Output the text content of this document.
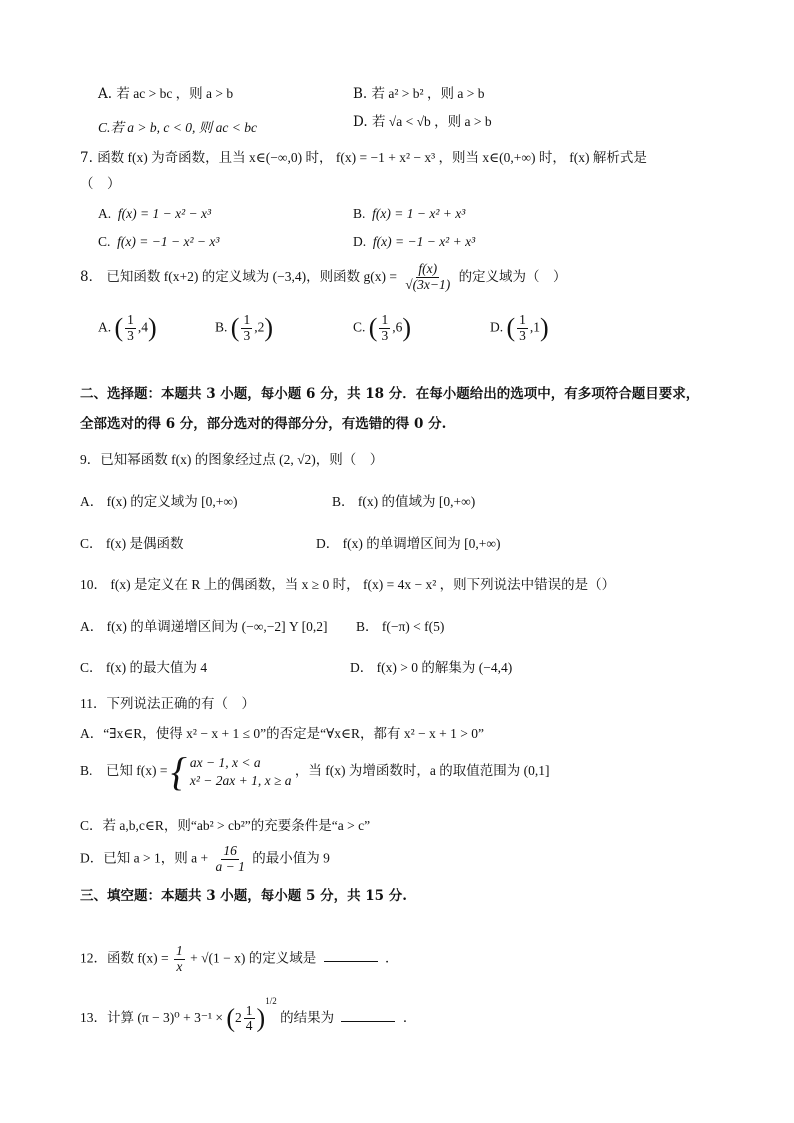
A. 若 ac > bc ，则 a > b	B. 若 a² > b² ，则 a > b
C.若 a > b, c < 0, 则 ac < bc	D. 若 √a < √b ，则 a > b
7. 函数 f(x) 为奇函数，且当 x∈(−∞,0) 时， f(x) = −1 + x² − x³ ，则当 x∈(0,+∞) 时， f(x) 解析式是
（　）
A. f(x) = 1 − x² − x³	B. f(x) = 1 − x² + x³
C. f(x) = −1 − x² − x³	D. f(x) = −1 − x² + x³
8． 已知函数 f(x+2) 的定义域为 (−3,4)，则函数 $g(x) = \frac{f(x)}{√(3x-1)}$ 的定义域为（　）
A. ( $\frac{1}{3} ,4$)	B. ( $\frac{1}{3} ,2$)	C. ( $\frac{1}{3} ,6$)	D. ( $\frac{1}{3} ,1$)
二、选择题：本题共 3 小题，每小题 6 分，共 18 分．在每小题给出的选项中，有多项符合题目要求，
全部选对的得 6 分，部分选对的得部分分，有选错的得 0 分.
9．已知幂函数 f(x) 的图象经过点 (2, √2)，则（　）
A． f(x) 的定义域为 [0,+∞)	B． f(x) 的值域为 [0,+∞)
C． f(x) 是偶函数	D． f(x) 的单调增区间为 [0,+∞)
10． f(x) 是定义在 R 上的偶函数，当 x ≥ 0 时， f(x) = 4x − x² ，则下列说法中错误的是（）
A． f(x) 的单调递增区间为 (−∞,−2] Y [0,2] B． f(−π) < f(5)
C． f(x) 的最大值为 4	D． f(x) > 0 的解集为 (−4,4)
11．下列说法正确的有（　）
A．“∃x∈R，使得 x² − x + 1 ≤ 0”的否定是“∀x∈R，都有 x² − x + 1 > 0”
B.　已知 f(x) = { ax − 1, x < a
x² − 2ax + 1, x ≥ a
，当 f(x) 为增函数时，a 的取值范围为 (0,1]
C．若 a,b,c∈R，则“ab² > cb²”的充要条件是“a > c”
D．已知 a > 1，则 $a + \frac{16}{a - 1}$ 的最小值为 9
三、填空题：本题共 3 小题，每小题 5 分，共 15 分.
12．函数 $f(x) = \frac{1}{x} + √(1 - x)$ 的定义域是	．
13．计算 $(\pi - 3)^0 + 3^{-1} \times (2 \frac{1}{4} )^{1/2}$ 的结果为	．
